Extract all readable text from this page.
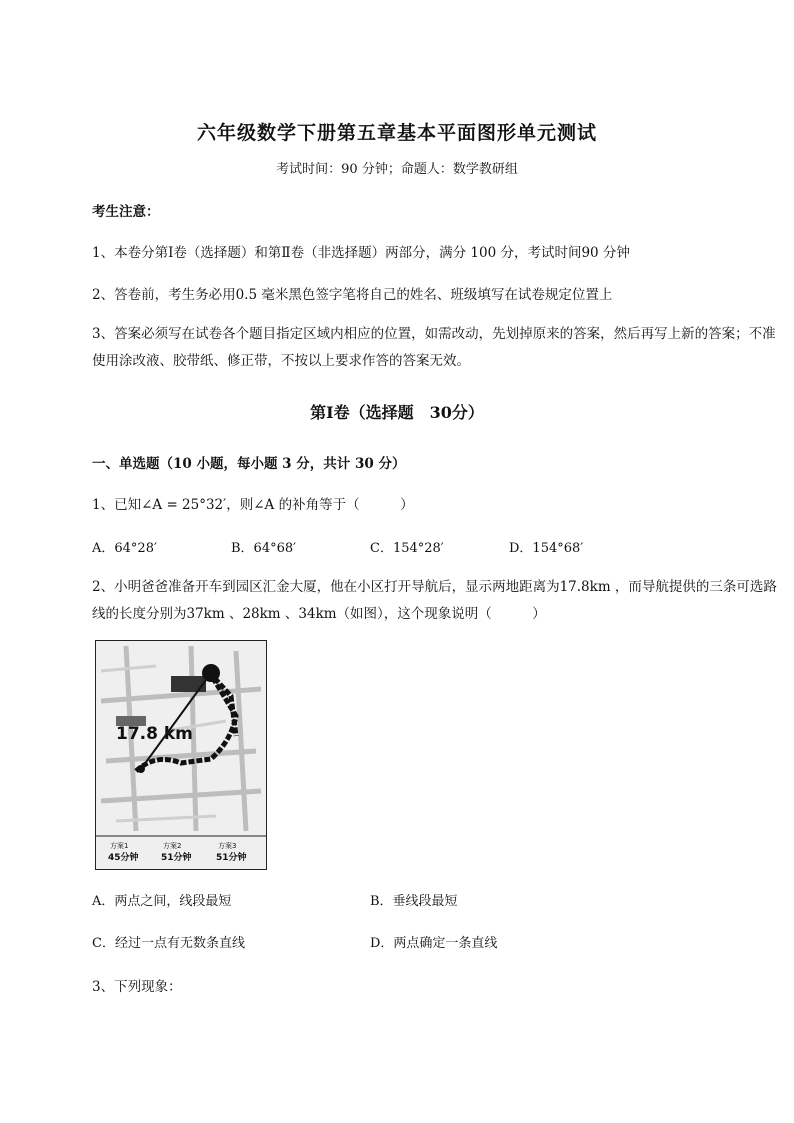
六年级数学下册第五章基本平面图形单元测试
考试时间：90 分钟；命题人：数学教研组
考生注意：
1、本卷分第Ⅰ卷（选择题）和第Ⅱ卷（非选择题）两部分，满分 100 分，考试时间90 分钟
2、答卷前，考生务必用0.5 毫米黑色签字笔将自己的姓名、班级填写在试卷规定位置上
3、答案必须写在试卷各个题目指定区域内相应的位置，如需改动，先划掉原来的答案，然后再写上新的答案；不准使用涂改液、胶带纸、修正带，不按以上要求作答的答案无效。
第Ⅰ卷（选择题　30分）
一、单选题（10 小题，每小题 3 分，共计 30 分）
1、已知∠A = 25°32′，则∠A 的补角等于（　　　）
A．64°28′	B．64°68′	C．154°28′	D．154°68′
2、小明爸爸准备开车到园区汇金大厦，他在小区打开导航后，显示两地距离为17.8km ，而导航提供的三条可选路线的长度分别为37km 、28km 、34km（如图），这个现象说明（　　　）
17.8 km
方案1
45分钟
方案2
51分钟
方案3
51分钟
A．两点之间，线段最短	B．垂线段最短
C．经过一点有无数条直线	D．两点确定一条直线
3、下列现象：
